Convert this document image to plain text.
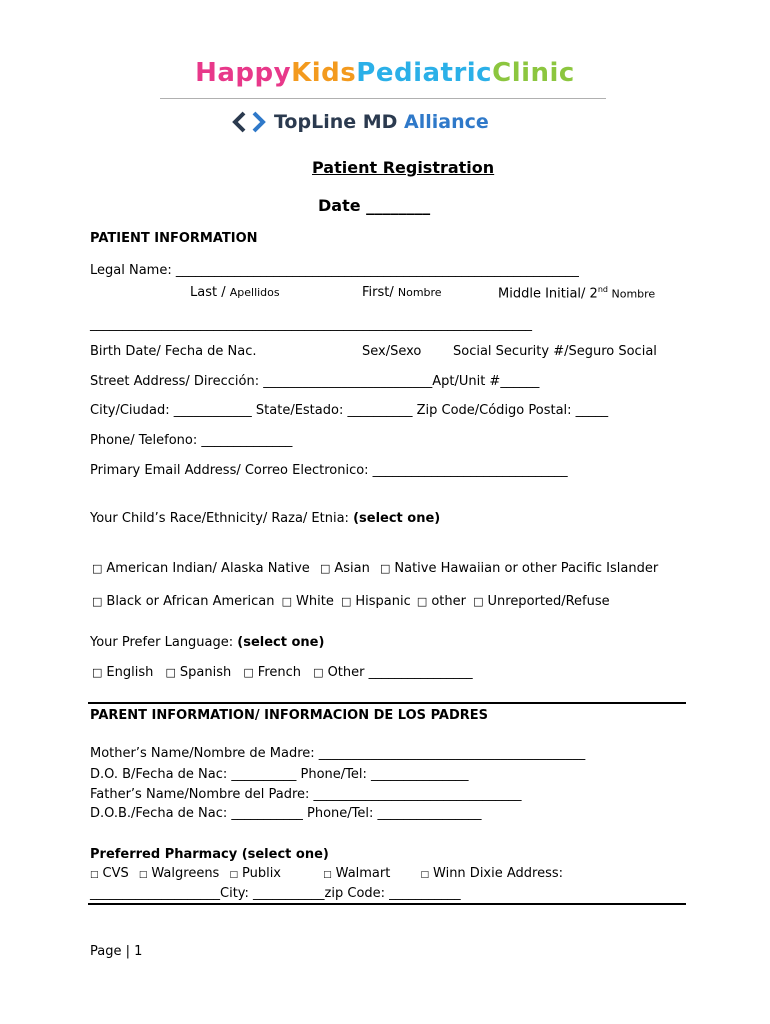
HappyKidsPediatricClinic
TopLine MD Alliance
Patient Registration
Date ________
PATIENT INFORMATION
Legal Name: ______________________________________________________________
Last / Apellidos	First/ Nombre	Middle Initial/ 2nd Nombre
____________________________________________________________________
Birth Date/ Fecha de Nac.	Sex/Sexo Social Security #/Seguro Social
Street Address/ Dirección: __________________________Apt/Unit #______
City/Ciudad: ____________ State/Estado: __________ Zip Code/Código Postal: _____
Phone/ Telefono: ______________
Primary Email Address/ Correo Electronico: ______________________________
Your Child’s Race/Ethnicity/ Raza/ Etnia: (select one)
□ American Indian/ Alaska Native □ Asian □ Native Hawaiian or other Pacific Islander
□ Black or African American □ White □ Hispanic □ other □ Unreported/Refuse
Your Prefer Language: (select one)
□ English □ Spanish □ French □ Other ________________
PARENT INFORMATION/ INFORMACION DE LOS PADRES
Mother’s Name/Nombre de Madre: _________________________________________
D.O. B/Fecha de Nac: __________ Phone/Tel: _______________
Father’s Name/Nombre del Padre: ________________________________
D.O.B./Fecha de Nac: ___________ Phone/Tel: ________________
Preferred Pharmacy (select one)
□ CVS □ Walgreens □ Publix	□ Walmart	□ Winn Dixie Address:
____________________City: ___________zip Code: ___________
Page | 1
